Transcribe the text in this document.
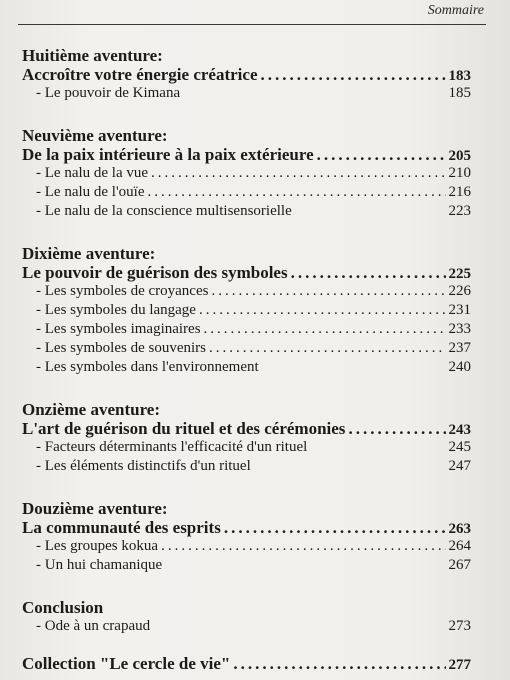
Sommaire
Huitième aventure:
Accroître votre énergie créatrice .....	183
- Le pouvoir de Kimana	185
Neuvième aventure:
De la paix intérieure à la paix extérieure .....	205
- Le nalu de la vue .....	210
- Le nalu de l'ouïe .....	216
- Le nalu de la conscience multisensorielle	223
Dixième aventure:
Le pouvoir de guérison des symboles .....	225
- Les symboles de croyances .....	226
- Les symboles du langage .....	231
- Les symboles imaginaires .....	233
- Les symboles de souvenirs .....	237
- Les symboles dans l'environnement	240
Onzième aventure:
L'art de guérison du rituel et des cérémonies .....	243
- Facteurs déterminants l'efficacité d'un rituel	245
- Les éléments distinctifs d'un rituel	247
Douzième aventure:
La communauté des esprits .....	263
- Les groupes kokua .....	264
- Un hui chamanique	267
Conclusion
- Ode à un crapaud	273
Collection "Le cercle de vie" .....	277
